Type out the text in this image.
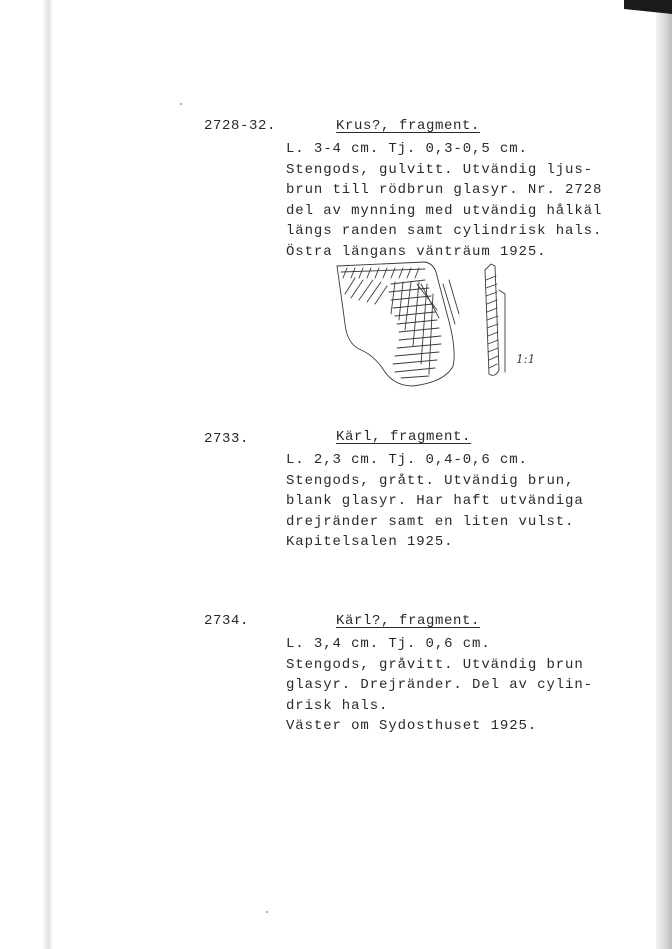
2728-32.	Krus?, fragment.
L. 3-4 cm. Tj. 0,3-0,5 cm.
Stengods, gulvitt. Utvändig ljus-
brun till rödbrun glasyr. Nr. 2728
del av mynning med utvändig hålkäl
längs randen samt cylindrisk hals.
Östra längans vänträum 1925.
1:1
2733.	Kärl, fragment.
L. 2,3 cm. Tj. 0,4-0,6 cm.
Stengods, grått. Utvändig brun,
blank glasyr. Har haft utvändiga
drejränder samt en liten vulst.
Kapitelsalen 1925.
2734.	Kärl?, fragment.
L. 3,4 cm. Tj. 0,6 cm.
Stengods, gråvitt. Utvändig brun
glasyr. Drejränder. Del av cylin-
drisk hals.
Väster om Sydosthuset 1925.
